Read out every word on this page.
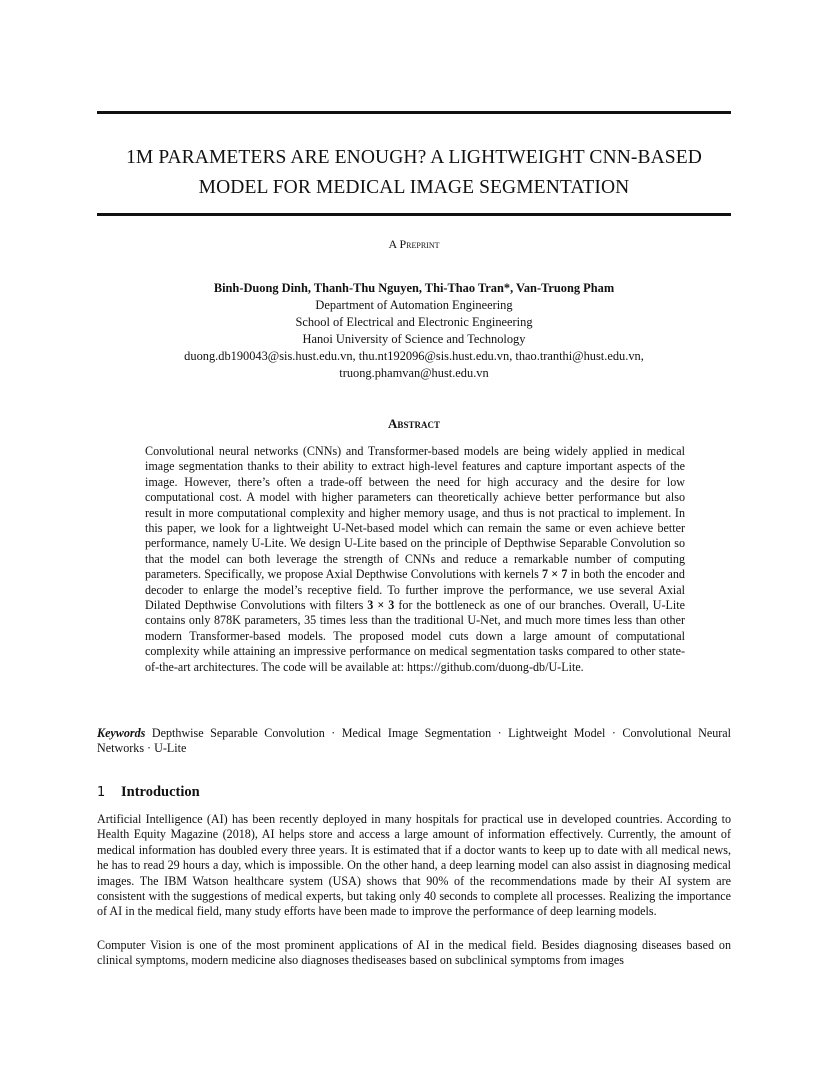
1M PARAMETERS ARE ENOUGH? A LIGHTWEIGHT CNN-BASED MODEL FOR MEDICAL IMAGE SEGMENTATION
A Preprint
Binh-Duong Dinh, Thanh-Thu Nguyen, Thi-Thao Tran*, Van-Truong Pham
Department of Automation Engineering
School of Electrical and Electronic Engineering
Hanoi University of Science and Technology
duong.db190043@sis.hust.edu.vn, thu.nt192096@sis.hust.edu.vn, thao.tranthi@hust.edu.vn,
truong.phamvan@hust.edu.vn
Abstract
Convolutional neural networks (CNNs) and Transformer-based models are being widely applied in medical image segmentation thanks to their ability to extract high-level features and capture important aspects of the image. However, there’s often a trade-off between the need for high accuracy and the desire for low computational cost. A model with higher parameters can theoretically achieve better performance but also result in more computational complexity and higher memory usage, and thus is not practical to implement. In this paper, we look for a lightweight U-Net-based model which can remain the same or even achieve better performance, namely U-Lite. We design U-Lite based on the principle of Depthwise Separable Convolution so that the model can both leverage the strength of CNNs and reduce a remarkable number of computing parameters. Specifically, we propose Axial Depthwise Convolutions with kernels 7 × 7 in both the encoder and decoder to enlarge the model’s receptive field. To further improve the performance, we use several Axial Dilated Depthwise Convolutions with filters 3 × 3 for the bottleneck as one of our branches. Overall, U-Lite contains only 878K parameters, 35 times less than the traditional U-Net, and much more times less than other modern Transformer-based models. The proposed model cuts down a large amount of computational complexity while attaining an impressive performance on medical segmentation tasks compared to other state-of-the-art architectures. The code will be available at: https://github.com/duong-db/U-Lite.
Keywords Depthwise Separable Convolution · Medical Image Segmentation · Lightweight Model · Convolutional Neural Networks · U-Lite
1 Introduction
Artificial Intelligence (AI) has been recently deployed in many hospitals for practical use in developed countries. According to Health Equity Magazine (2018), AI helps store and access a large amount of information effectively. Currently, the amount of medical information has doubled every three years. It is estimated that if a doctor wants to keep up to date with all medical news, he has to read 29 hours a day, which is impossible. On the other hand, a deep learning model can also assist in diagnosing medical images. The IBM Watson healthcare system (USA) shows that 90% of the recommendations made by their AI system are consistent with the suggestions of medical experts, but taking only 40 seconds to complete all processes. Realizing the importance of AI in the medical field, many study efforts have been made to improve the performance of deep learning models.
Computer Vision is one of the most prominent applications of AI in the medical field. Besides diagnosing diseases based on clinical symptoms, modern medicine also diagnoses thediseases based on subclinical symptoms from images
